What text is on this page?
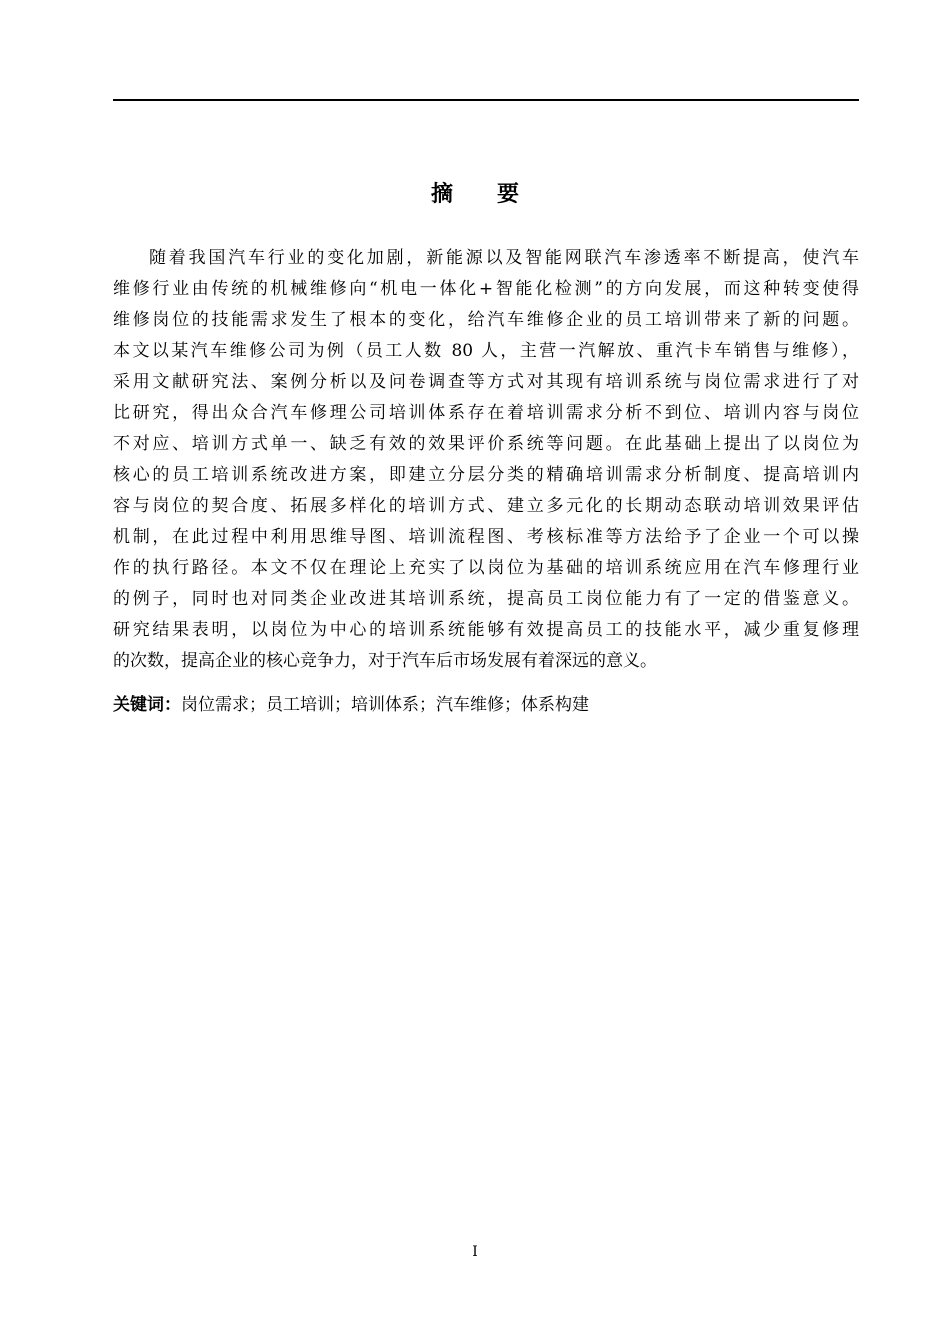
摘　　要
随着我国汽车行业的变化加剧，新能源以及智能网联汽车渗透率不断提高，使汽车
维修行业由传统的机械维修向“机电一体化+智能化检测”的方向发展，而这种转变使得
维修岗位的技能需求发生了根本的变化，给汽车维修企业的员工培训带来了新的问题。
本文以某汽车维修公司为例（员工人数 80 人，主营一汽解放、重汽卡车销售与维修），
采用文献研究法、案例分析以及问卷调查等方式对其现有培训系统与岗位需求进行了对
比研究，得出众合汽车修理公司培训体系存在着培训需求分析不到位、培训内容与岗位
不对应、培训方式单一、缺乏有效的效果评价系统等问题。在此基础上提出了以岗位为
核心的员工培训系统改进方案，即建立分层分类的精确培训需求分析制度、提高培训内
容与岗位的契合度、拓展多样化的培训方式、建立多元化的长期动态联动培训效果评估
机制，在此过程中利用思维导图、培训流程图、考核标准等方法给予了企业一个可以操
作的执行路径。本文不仅在理论上充实了以岗位为基础的培训系统应用在汽车修理行业
的例子，同时也对同类企业改进其培训系统，提高员工岗位能力有了一定的借鉴意义。
研究结果表明，以岗位为中心的培训系统能够有效提高员工的技能水平，减少重复修理
的次数，提高企业的核心竞争力，对于汽车后市场发展有着深远的意义。
关键词：岗位需求；员工培训；培训体系；汽车维修；体系构建
I
